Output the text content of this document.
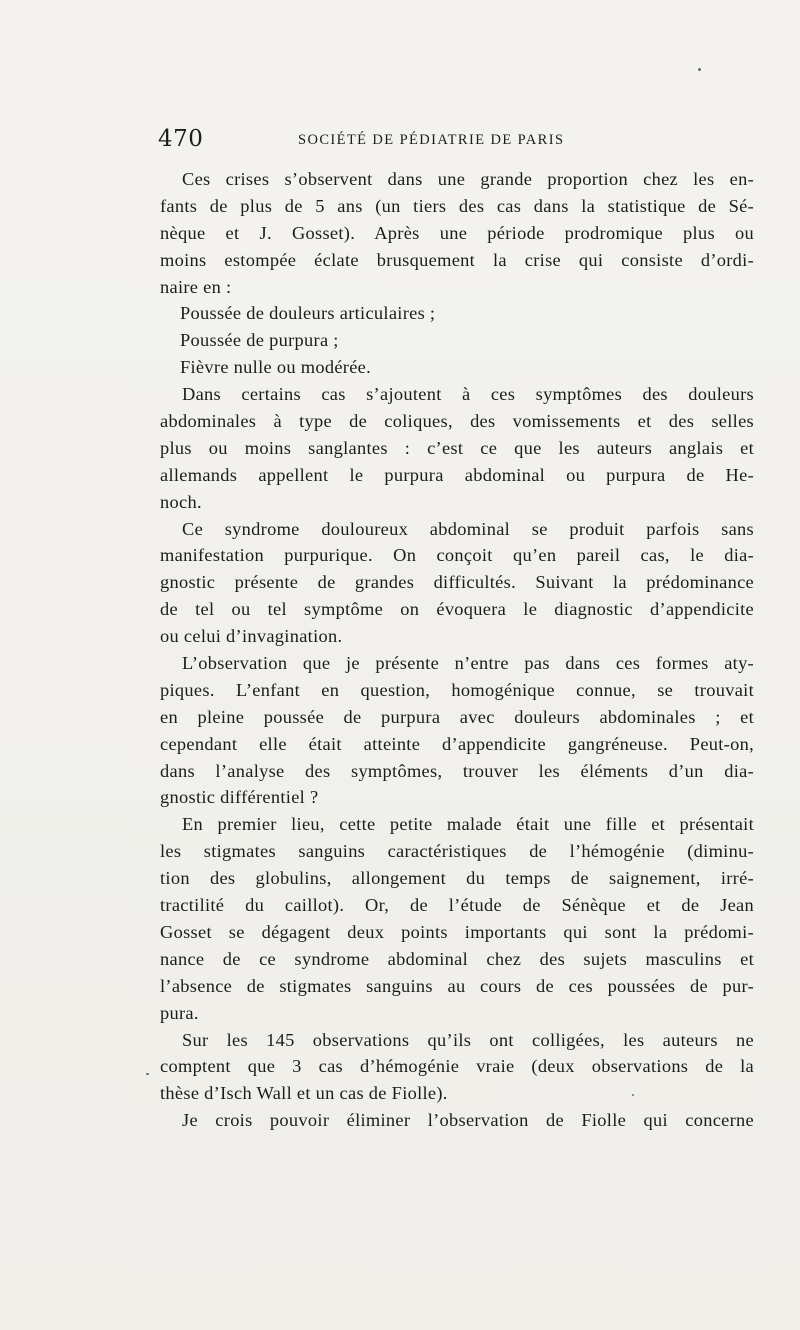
470	SOCIÉTÉ DE PÉDIATRIE DE PARIS
Ces crises s’observent dans une grande proportion chez les en-
fants de plus de 5 ans (un tiers des cas dans la statistique de Sé-
nèque et J. Gosset). Après une période prodromique plus ou
moins estompée éclate brusquement la crise qui consiste d’ordi-
naire en :
Poussée de douleurs articulaires ;
Poussée de purpura ;
Fièvre nulle ou modérée.
Dans certains cas s’ajoutent à ces symptômes des douleurs
abdominales à type de coliques, des vomissements et des selles
plus ou moins sanglantes : c’est ce que les auteurs anglais et
allemands appellent le purpura abdominal ou purpura de He-
noch.
Ce syndrome douloureux abdominal se produit parfois sans
manifestation purpurique. On conçoit qu’en pareil cas, le dia-
gnostic présente de grandes difficultés. Suivant la prédominance
de tel ou tel symptôme on évoquera le diagnostic d’appendicite
ou celui d’invagination.
L’observation que je présente n’entre pas dans ces formes aty-
piques. L’enfant en question, homogénique connue, se trouvait
en pleine poussée de purpura avec douleurs abdominales ; et
cependant elle était atteinte d’appendicite gangréneuse. Peut-on,
dans l’analyse des symptômes, trouver les éléments d’un dia-
gnostic différentiel ?
En premier lieu, cette petite malade était une fille et présentait
les stigmates sanguins caractéristiques de l’hémogénie (diminu-
tion des globulins, allongement du temps de saignement, irré-
tractilité du caillot). Or, de l’étude de Sénèque et de Jean
Gosset se dégagent deux points importants qui sont la prédomi-
nance de ce syndrome abdominal chez des sujets masculins et
l’absence de stigmates sanguins au cours de ces poussées de pur-
pura.
Sur les 145 observations qu’ils ont colligées, les auteurs ne
comptent que 3 cas d’hémogénie vraie (deux observations de la
thèse d’Isch Wall et un cas de Fiolle).
Je crois pouvoir éliminer l’observation de Fiolle qui concerne
